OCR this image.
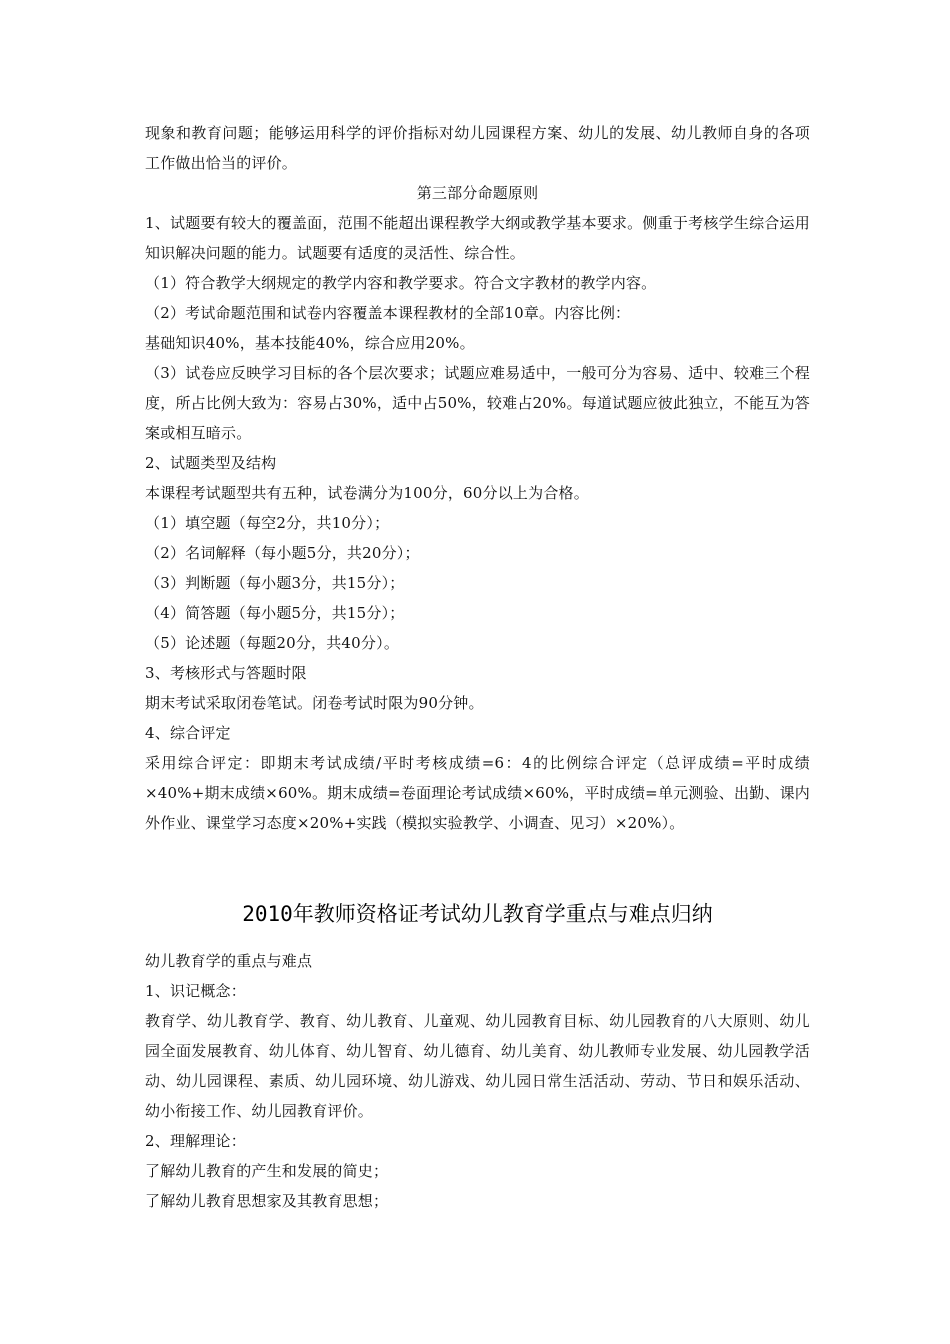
现象和教育问题；能够运用科学的评价指标对幼儿园课程方案、幼儿的发展、幼儿教师自身的各项工作做出恰当的评价。

第三部分命题原则

1、试题要有较大的覆盖面，范围不能超出课程教学大纲或教学基本要求。侧重于考核学生综合运用知识解决问题的能力。试题要有适度的灵活性、综合性。

（1）符合教学大纲规定的教学内容和教学要求。符合文字教材的教学内容。

（2）考试命题范围和试卷内容覆盖本课程教材的全部10章。内容比例：

基础知识40%，基本技能40%，综合应用20%。

（3）试卷应反映学习目标的各个层次要求；试题应难易适中，一般可分为容易、适中、较难三个程度，所占比例大致为：容易占30%，适中占50%，较难占20%。每道试题应彼此独立，不能互为答案或相互暗示。

2、试题类型及结构

本课程考试题型共有五种，试卷满分为100分，60分以上为合格。

（1）填空题（每空2分，共10分）；

（2）名词解释（每小题5分，共20分）；

（3）判断题（每小题3分，共15分）；

（4）简答题（每小题5分，共15分）；

（5）论述题（每题20分，共40分）。

3、考核形式与答题时限

期末考试采取闭卷笔试。闭卷考试时限为90分钟。

4、综合评定

采用综合评定：即期末考试成绩/平时考核成绩=6：4的比例综合评定（总评成绩=平时成绩×40%+期末成绩×60%。期末成绩=卷面理论考试成绩×60%，平时成绩=单元测验、出勤、课内外作业、课堂学习态度×20%+实践（模拟实验教学、小调查、见习）×20%）。

2010年教师资格证考试幼儿教育学重点与难点归纳

幼儿教育学的重点与难点

1、识记概念：

教育学、幼儿教育学、教育、幼儿教育、儿童观、幼儿园教育目标、幼儿园教育的八大原则、幼儿园全面发展教育、幼儿体育、幼儿智育、幼儿德育、幼儿美育、幼儿教师专业发展、幼儿园教学活动、幼儿园课程、素质、幼儿园环境、幼儿游戏、幼儿园日常生活活动、劳动、节日和娱乐活动、幼小衔接工作、幼儿园教育评价。

2、理解理论：

了解幼儿教育的产生和发展的简史；

了解幼儿教育思想家及其教育思想；
